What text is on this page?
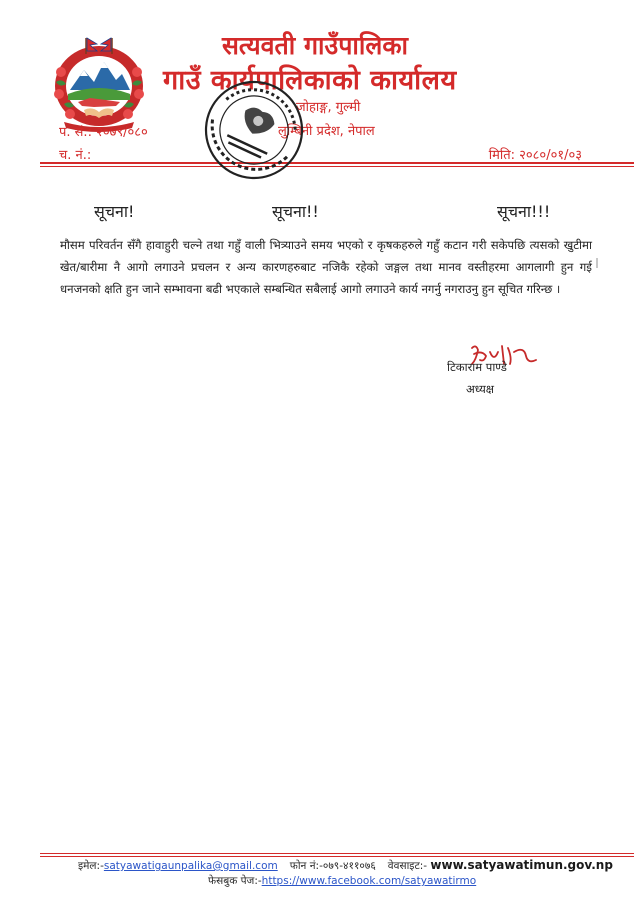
सत्यवती गाउँपालिका
गाउँ कार्यपालिकाको कार्यालय
जोहाङ्ग, गुल्मी
लुम्बिनी प्रदेश, नेपाल
प. सं.: २०७९/०८०
च. नं.:	मिति: २०८०/०१/०३
सूचना!	सूचना!!	सूचना!!!

मौसम परिवर्तन सँगै हावाहुरी चल्ने तथा गहुँ वाली भित्र्याउने समय भएको र कृषकहरुले गहुँ कटान गरी सकेपछि त्यसको खुटीमा खेत/बारीमा नै आगो लगाउने प्रचलन र अन्य कारणहरुबाट नजिकै रहेको जङ्गल तथा मानव वस्तीहरमा आगलागी हुन गई धनजनको क्षति हुन जाने सम्भावना बढी भएकाले सम्बन्धित सबैलाई आगो लगाउने कार्य नगर्नु नगराउनु हुन सूचित गरिन्छ ।

टिकाराम पाण्डे
अध्यक्ष
इमेल:-satyawatigaunpalika@gmail.com फोन नं:-०७९-४११०७६ वेवसाइट:- www.satyawatimun.gov.np
फेसबुक पेज:-https://www.facebook.com/satyawatirmo
